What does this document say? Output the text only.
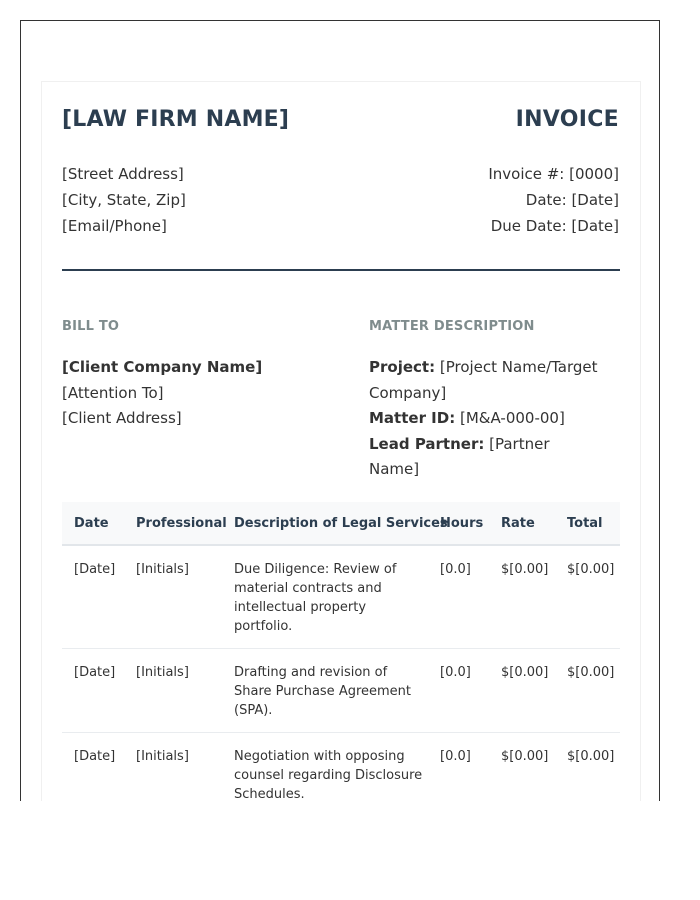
[LAW FIRM NAME]	INVOICE
[Street Address]
[City, State, Zip]
[Email/Phone]
Invoice #: [0000]
Date: [Date]
Due Date: [Date]
BILL TO	MATTER DESCRIPTION
[Client Company Name]
[Attention To]
[Client Address]
Project: [Project Name/Target Company]
Matter ID: [M&A-000-00]
Lead Partner: [Partner Name]
Date	Professional	Description of Legal Services	Hours	Rate	Total
[Date]	[Initials]	Due Diligence: Review of material contracts and intellectual property portfolio.	[0.0]	$[0.00]	$[0.00]
[Date]	[Initials]	Drafting and revision of Share Purchase Agreement (SPA).	[0.0]	$[0.00]	$[0.00]
[Date]	[Initials]	Negotiation with opposing counsel regarding Disclosure Schedules.	[0.0]	$[0.00]	$[0.00]
